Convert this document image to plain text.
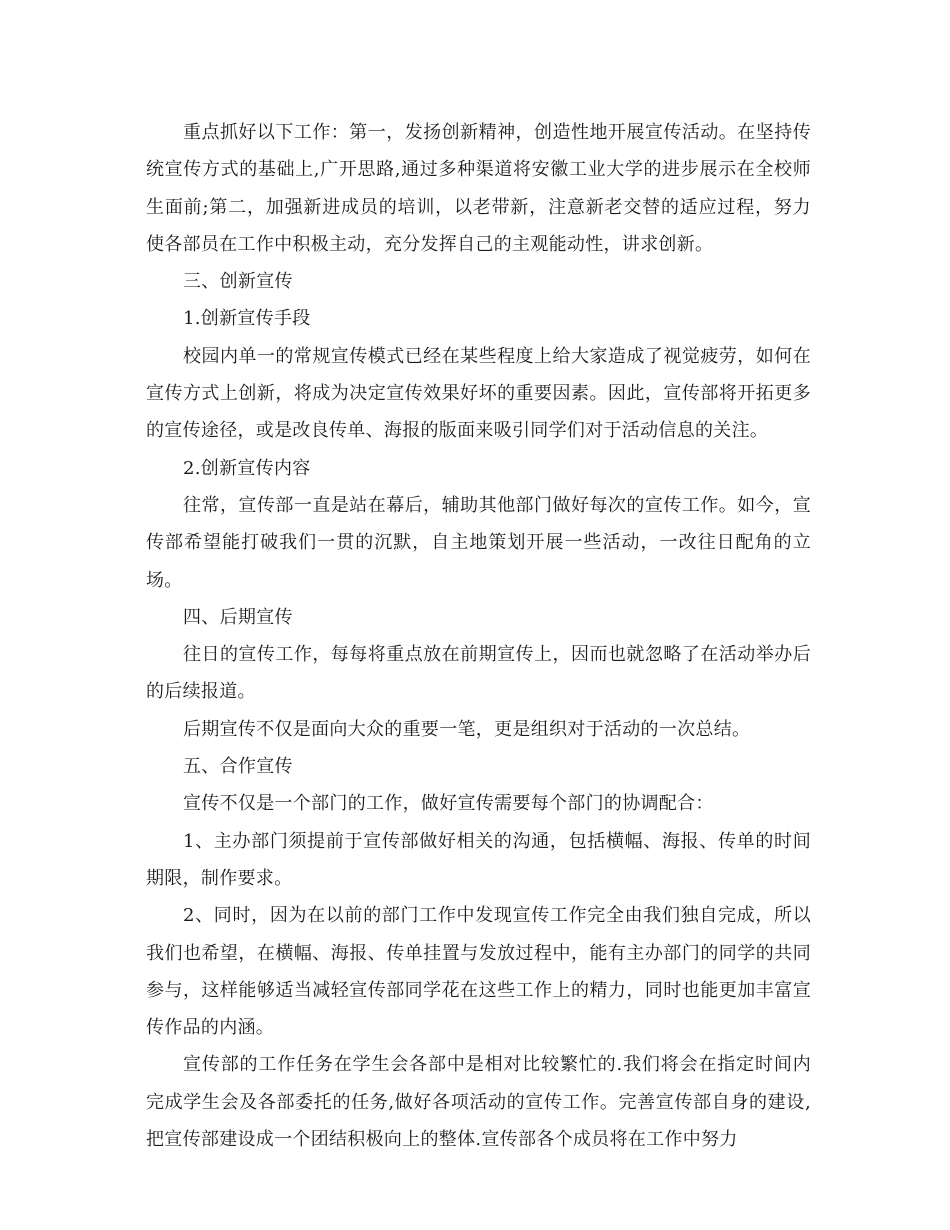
重点抓好以下工作：第一，发扬创新精神，创造性地开展宣传活动。在坚持传统宣传方式的基础上,广开思路,通过多种渠道将安徽工业大学的进步展示在全校师生面前;第二，加强新进成员的培训，以老带新，注意新老交替的适应过程，努力使各部员在工作中积极主动，充分发挥自己的主观能动性，讲求创新。

三、创新宣传

1.创新宣传手段

校园内单一的常规宣传模式已经在某些程度上给大家造成了视觉疲劳，如何在宣传方式上创新，将成为决定宣传效果好坏的重要因素。因此，宣传部将开拓更多的宣传途径，或是改良传单、海报的版面来吸引同学们对于活动信息的关注。

2.创新宣传内容

往常，宣传部一直是站在幕后，辅助其他部门做好每次的宣传工作。如今，宣传部希望能打破我们一贯的沉默，自主地策划开展一些活动，一改往日配角的立场。

四、后期宣传

往日的宣传工作，每每将重点放在前期宣传上，因而也就忽略了在活动举办后的后续报道。

后期宣传不仅是面向大众的重要一笔，更是组织对于活动的一次总结。

五、合作宣传

宣传不仅是一个部门的工作，做好宣传需要每个部门的协调配合：

1、主办部门须提前于宣传部做好相关的沟通，包括横幅、海报、传单的时间期限，制作要求。

2、同时，因为在以前的部门工作中发现宣传工作完全由我们独自完成，所以我们也希望，在横幅、海报、传单挂置与发放过程中，能有主办部门的同学的共同参与，这样能够适当减轻宣传部同学花在这些工作上的精力，同时也能更加丰富宣传作品的内涵。

宣传部的工作任务在学生会各部中是相对比较繁忙的.我们将会在指定时间内完成学生会及各部委托的任务,做好各项活动的宣传工作。完善宣传部自身的建设,把宣传部建设成一个团结积极向上的整体.宣传部各个成员将在工作中努力
